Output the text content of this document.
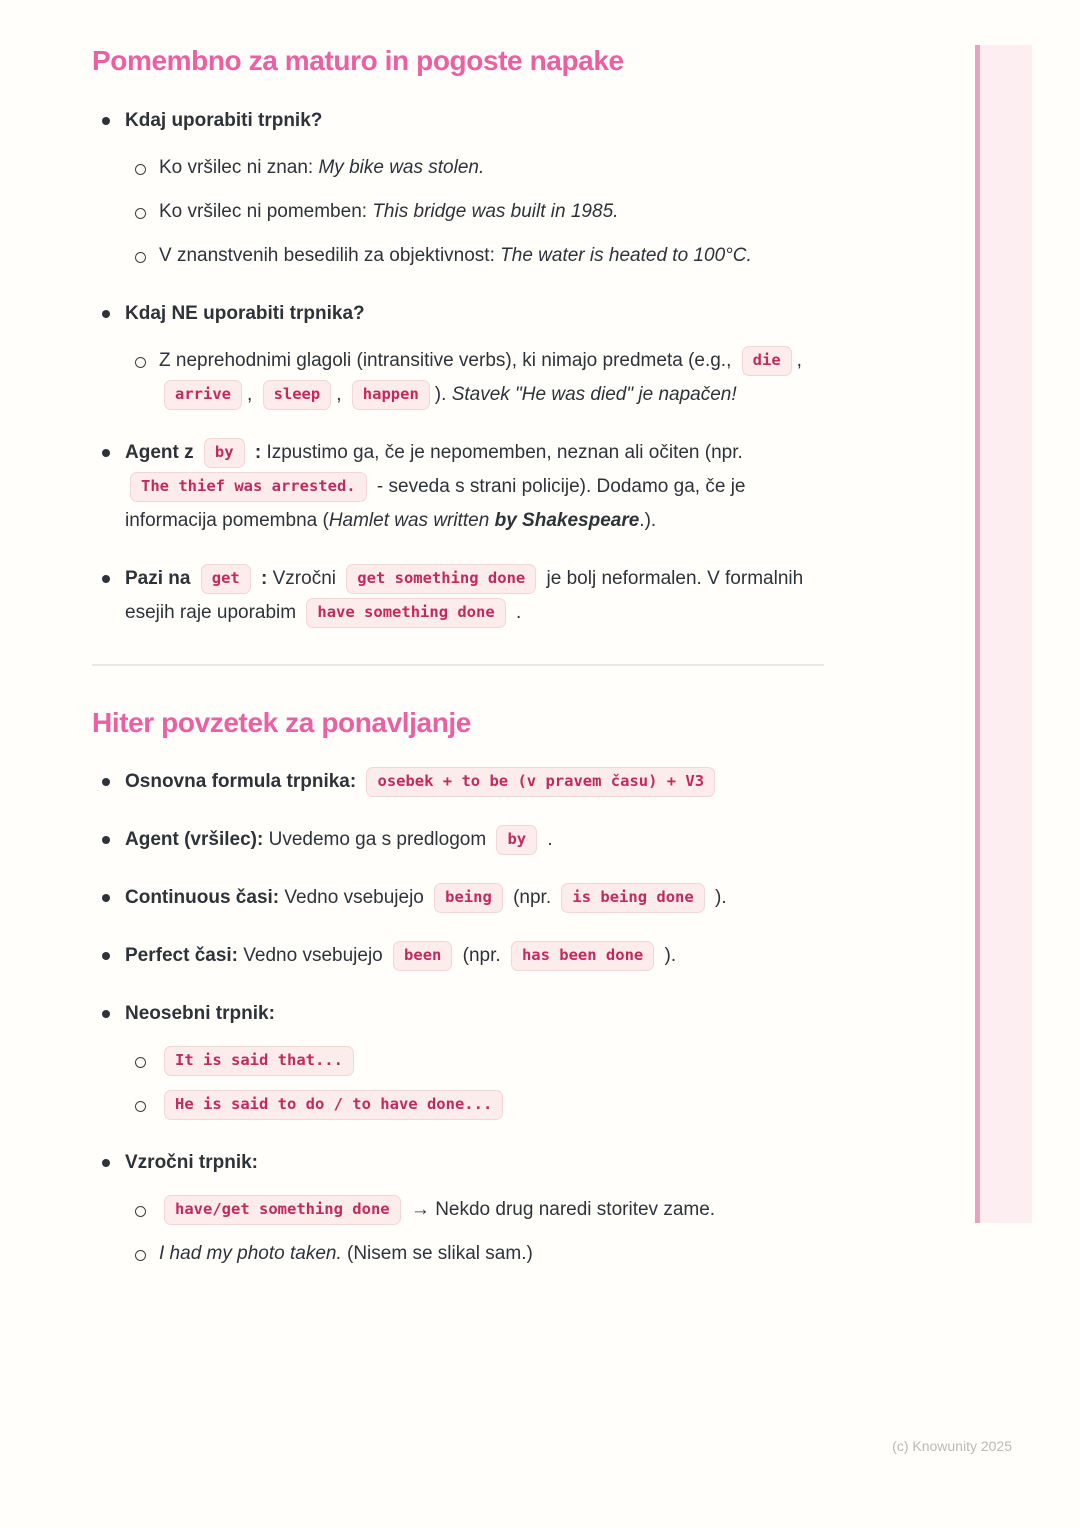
Pomembno za maturo in pogoste napake
Kdaj uporabiti trpnik?
Ko vršilec ni znan: My bike was stolen.
Ko vršilec ni pomemben: This bridge was built in 1985.
V znanstvenih besedilih za objektivnost: The water is heated to 100°C.
Kdaj NE uporabiti trpnika?
Z neprehodnimi glagoli (intransitive verbs), ki nimajo predmeta (e.g., die , arrive , sleep , happen ). Stavek "He was died" je napačen!
Agent z by : Izpustimo ga, če je nepomemben, neznan ali očiten (npr. The thief was arrested. - seveda s strani policije). Dodamo ga, če je informacija pomembna (Hamlet was written by Shakespeare.).
Pazi na get : Vzročni get something done je bolj neformalen. V formalnih esejih raje uporabim have something done .
Hiter povzetek za ponavljanje
Osnovna formula trpnika: osebek + to be (v pravem času) + V3
Agent (vršilec): Uvedemo ga s predlogom by .
Continuous časi: Vedno vsebujejo being (npr. is being done ).
Perfect časi: Vedno vsebujejo been (npr. has been done ).
Neosebni trpnik:
It is said that...
He is said to do / to have done...
Vzročni trpnik:
have/get something done → Nekdo drug naredi storitev zame.
I had my photo taken. (Nisem se slikal sam.)
(c) Knowunity 2025
